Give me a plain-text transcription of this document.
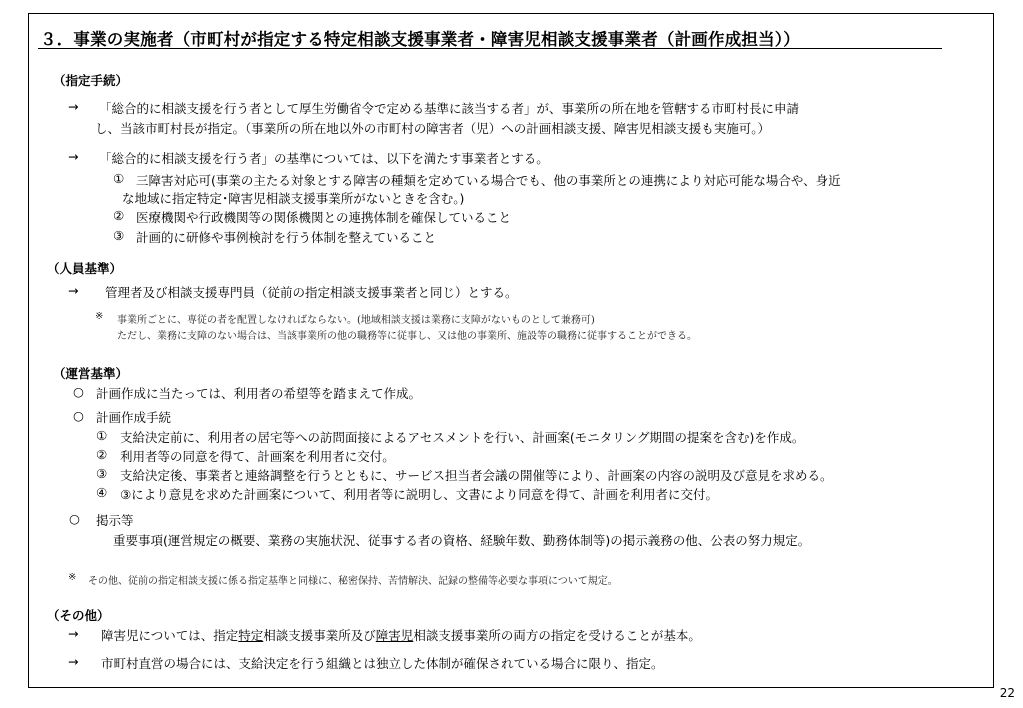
３．事業の実施者（市町村が指定する特定相談支援事業者・障害児相談支援事業者（計画作成担当））
（指定手続）
→ 「総合的に相談支援を行う者として厚生労働省令で定める基準に該当する者」が、事業所の所在地を管轄する市町村長に申請
し、当該市町村長が指定。（事業所の所在地以外の市町村の障害者（児）への計画相談支援、障害児相談支援も実施可。）
→ 「総合的に相談支援を行う者」の基準については、以下を満たす事業者とする。
① 三障害対応可(事業の主たる対象とする障害の種類を定めている場合でも、他の事業所との連携により対応可能な場合や、身近
な地域に指定特定･障害児相談支援事業所がないときを含む。)
② 医療機関や行政機関等の関係機関との連携体制を確保していること
③ 計画的に研修や事例検討を行う体制を整えていること
（人員基準）
→ 管理者及び相談支援専門員（従前の指定相談支援事業者と同じ）とする。
※ 事業所ごとに、専従の者を配置しなければならない。(地域相談支援は業務に支障がないものとして兼務可)
ただし、業務に支障のない場合は、当該事業所の他の職務等に従事し、又は他の事業所、施設等の職務に従事することができる。
（運営基準）
○ 計画作成に当たっては、利用者の希望等を踏まえて作成。
○ 計画作成手続
① 支給決定前に、利用者の居宅等への訪問面接によるアセスメントを行い、計画案(モニタリング期間の提案を含む)を作成。
② 利用者等の同意を得て、計画案を利用者に交付。
③ 支給決定後、事業者と連絡調整を行うとともに、サービス担当者会議の開催等により、計画案の内容の説明及び意見を求める。
④ ③により意見を求めた計画案について、利用者等に説明し、文書により同意を得て、計画を利用者に交付。
○ 掲示等
重要事項(運営規定の概要、業務の実施状況、従事する者の資格、経験年数、勤務体制等)の掲示義務の他、公表の努力規定。
※ その他、従前の指定相談支援に係る指定基準と同様に、秘密保持、苦情解決、記録の整備等必要な事項について規定。
（その他）
→ 障害児については、指定特定相談支援事業所及び障害児相談支援事業所の両方の指定を受けることが基本。
→ 市町村直営の場合には、支給決定を行う組織とは独立した体制が確保されている場合に限り、指定。
22
